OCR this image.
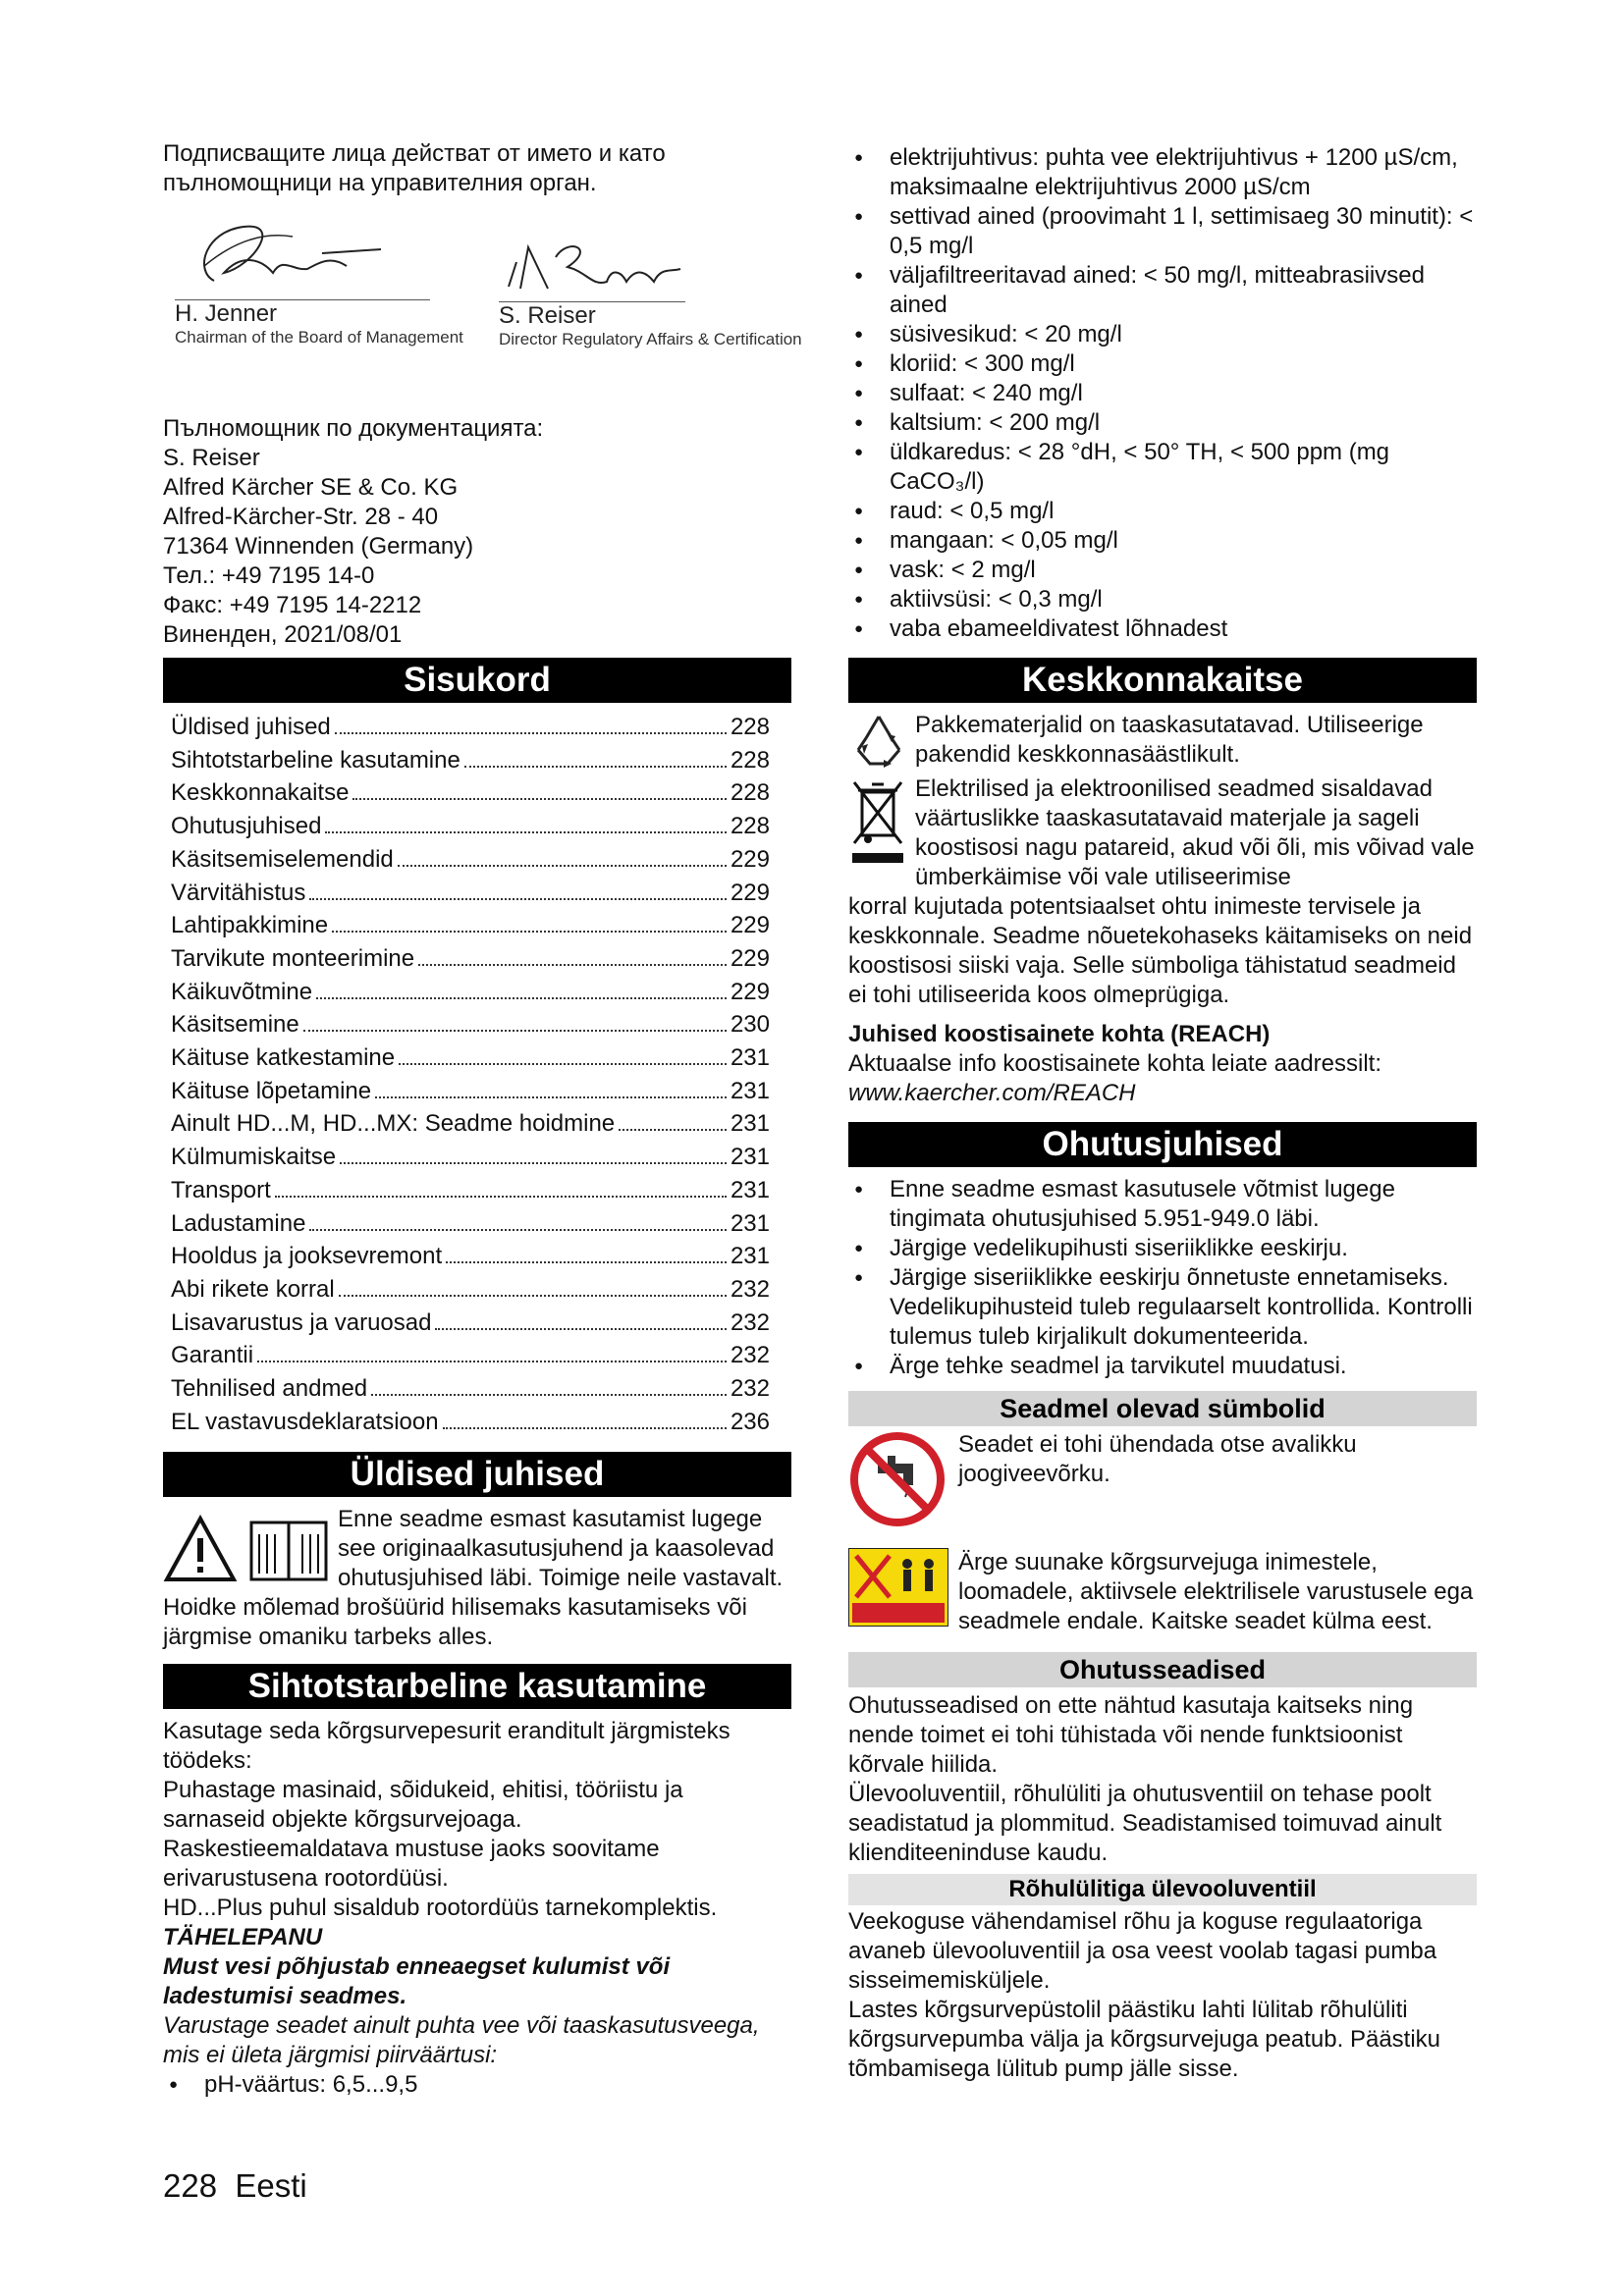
Подписващите лица действат от името и като пълномощници на управителния орган.

H. Jenner
Chairman of the Board of Management
S. Reiser
Director Regulatory Affairs & Certification

Пълномощник по документацията:

S. Reiser

Alfred Kärcher SE & Co. KG

Alfred-Kärcher-Str. 28 - 40

71364 Winnenden (Germany)

Тел.: +49 7195 14-0

Факс: +49 7195 14-2212

Виненден, 2021/08/01

Sisukord
Üldised juhised	228
Sihtotstarbeline kasutamine	228
Keskkonnakaitse	228
Ohutusjuhised	228
Käsitsemiselemendid	229
Värvitähistus	229
Lahtipakkimine	229
Tarvikute monteerimine	229
Käikuvõtmine	229
Käsitsemine	230
Käituse katkestamine	231
Käituse lõpetamine	231
Ainult HD...M, HD...MX: Seadme hoidmine	231
Külmumiskaitse	231
Transport	231
Ladustamine	231
Hooldus ja jooksevremont	231
Abi rikete korral	232
Lisavarustus ja varuosad	232
Garantii	232
Tehnilised andmed	232
EL vastavusdeklaratsioon	236
Üldised juhised

Enne seadme esmast kasutamist lugege see originaalkasutusjuhend ja kaasolevad ohutusjuhised läbi. Toimige neile vastavalt.

Hoidke mõlemad brošüürid hilisemaks kasutamiseks või järgmise omaniku tarbeks alles.

Sihtotstarbeline kasutamine

Kasutage seda kõrgsurvepesurit eranditult järgmisteks töödeks:

Puhastage masinaid, sõidukeid, ehitisi, tööriistu ja sarnaseid objekte kõrgsurvejoaga.

Raskestieemaldatava mustuse jaoks soovitame erivarustusena rootordüüsi.

HD...Plus puhul sisaldub rootordüüs tarnekomplektis.

TÄHELEPANU

Must vesi põhjustab enneaegset kulumist või ladestumisi seadmes.

Varustage seadet ainult puhta vee või taaskasutusveega, mis ei ületa järgmisi piirväärtusi:

● pH-väärtus: 6,5...9,5
● elektrijuhtivus: puhta vee elektrijuhtivus + 1200 µS/cm, maksimaalne elektrijuhtivus 2000 µS/cm
● settivad ained (proovimaht 1 l, settimisaeg 30 minutit): < 0,5 mg/l
● väljafiltreeritavad ained: < 50 mg/l, mitteabrasiivsed ained
● süsivesikud: < 20 mg/l
● kloriid: < 300 mg/l
● sulfaat: < 240 mg/l
● kaltsium: < 200 mg/l
● üldkaredus: < 28 °dH, < 50° TH, < 500 ppm (mg CaCO₃/l)
● raud: < 0,5 mg/l
● mangaan: < 0,05 mg/l
● vask: < 2 mg/l
● aktiivsüsi: < 0,3 mg/l
● vaba ebameeldivatest lõhnadest
Keskkonnakaitse

Pakkematerjalid on taaskasutatavad. Utiliseerige pakendid keskkonnasäästlikult.

Elektrilised ja elektroonilised seadmed sisaldavad väärtuslikke taaskasutatavaid materjale ja sageli koostisosi nagu patareid, akud või õli, mis võivad vale ümberkäimise või vale utiliseerimise

korral kujutada potentsiaalset ohtu inimeste tervisele ja keskkonnale. Seadme nõuetekohaseks käitamiseks on neid koostisosi siiski vaja. Selle sümboliga tähistatud seadmeid ei tohi utiliseerida koos olmeprügiga.

Juhised koostisainete kohta (REACH)

Aktuaalse info koostisainete kohta leiate aadressilt:

www.kaercher.com/REACH

Ohutusjuhised
● Enne seadme esmast kasutusele võtmist lugege tingimata ohutusjuhised 5.951-949.0 läbi.
● Järgige vedelikupihusti siseriiklikke eeskirju.
● Järgige siseriiklikke eeskirju õnnetuste ennetamiseks. Vedelikupihusteid tuleb regulaarselt kontrollida. Kontrolli tulemus tuleb kirjalikult dokumenteerida.
● Ärge tehke seadmel ja tarvikutel muudatusi.
Seadmel olevad sümbolid

Seadet ei tohi ühendada otse avalikku joogiveevõrku.

Ärge suunake kõrgsurvejuga inimestele, loomadele, aktiivsele elektrilisele varustusele ega seadmele endale. Kaitske seadet külma eest.

Ohutusseadised

Ohutusseadised on ette nähtud kasutaja kaitseks ning nende toimet ei tohi tühistada või nende funktsioonist kõrvale hiilida.

Ülevooluventiil, rõhulüliti ja ohutusventiil on tehase poolt seadistatud ja plommitud. Seadistamised toimuvad ainult klienditeeninduse kaudu.

Rõhulülitiga ülevooluventiil

Veekoguse vähendamisel rõhu ja koguse regulaatoriga avaneb ülevooluventiil ja osa veest voolab tagasi pumba sisseimemisküljele.

Lastes kõrgsurvepüstolil päästiku lahti lülitab rõhulüliti kõrgsurvepumba välja ja kõrgsurvejuga peatub. Päästiku tõmbamisega lülitub pump jälle sisse.

228  Eesti
